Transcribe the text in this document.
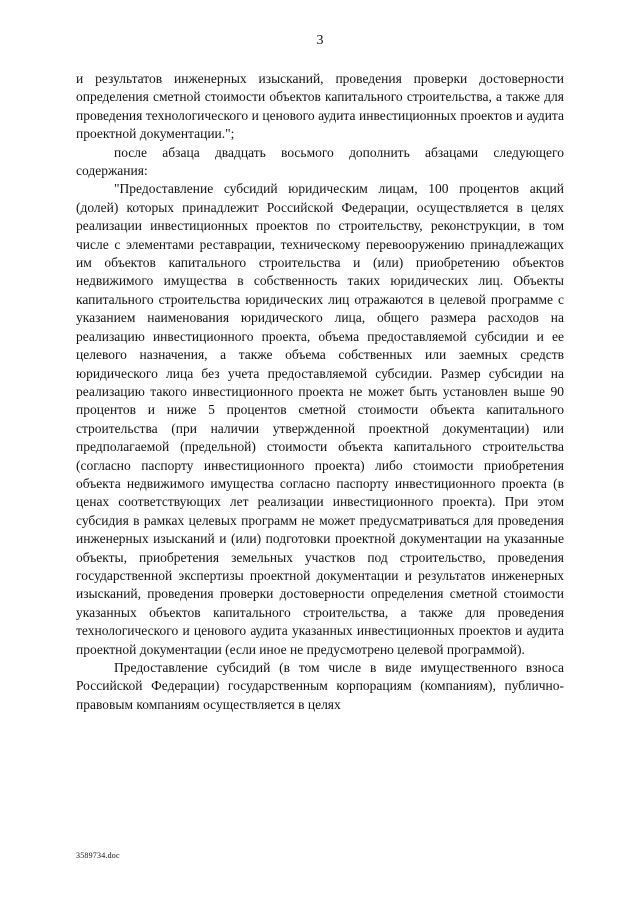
3

и результатов инженерных изысканий, проведения проверки достоверности определения сметной стоимости объектов капитального строительства, а также для проведения технологического и ценового аудита инвестиционных проектов и аудита проектной документации.";

после абзаца двадцать восьмого дополнить абзацами следующего содержания:

"Предоставление субсидий юридическим лицам, 100 процентов акций (долей) которых принадлежит Российской Федерации, осуществляется в целях реализации инвестиционных проектов по строительству, реконструкции, в том числе с элементами реставрации, техническому перевооружению принадлежащих им объектов капитального строительства и (или) приобретению объектов недвижимого имущества в собственность таких юридических лиц. Объекты капитального строительства юридических лиц отражаются в целевой программе с указанием наименования юридического лица, общего размера расходов на реализацию инвестиционного проекта, объема предоставляемой субсидии и ее целевого назначения, а также объема собственных или заемных средств юридического лица без учета предоставляемой субсидии. Размер субсидии на реализацию такого инвестиционного проекта не может быть установлен выше 90 процентов и ниже 5 процентов сметной стоимости объекта капитального строительства (при наличии утвержденной проектной документации) или предполагаемой (предельной) стоимости объекта капитального строительства (согласно паспорту инвестиционного проекта) либо стоимости приобретения объекта недвижимого имущества согласно паспорту инвестиционного проекта (в ценах соответствующих лет реализации инвестиционного проекта). При этом субсидия в рамках целевых программ не может предусматриваться для проведения инженерных изысканий и (или) подготовки проектной документации на указанные объекты, приобретения земельных участков под строительство, проведения государственной экспертизы проектной документации и результатов инженерных изысканий, проведения проверки достоверности определения сметной стоимости указанных объектов капитального строительства, а также для проведения технологического и ценового аудита указанных инвестиционных проектов и аудита проектной документации (если иное не предусмотрено целевой программой).

Предоставление субсидий (в том числе в виде имущественного взноса Российской Федерации) государственным корпорациям (компаниям), публично-правовым компаниям осуществляется в целях

3589734.doc
